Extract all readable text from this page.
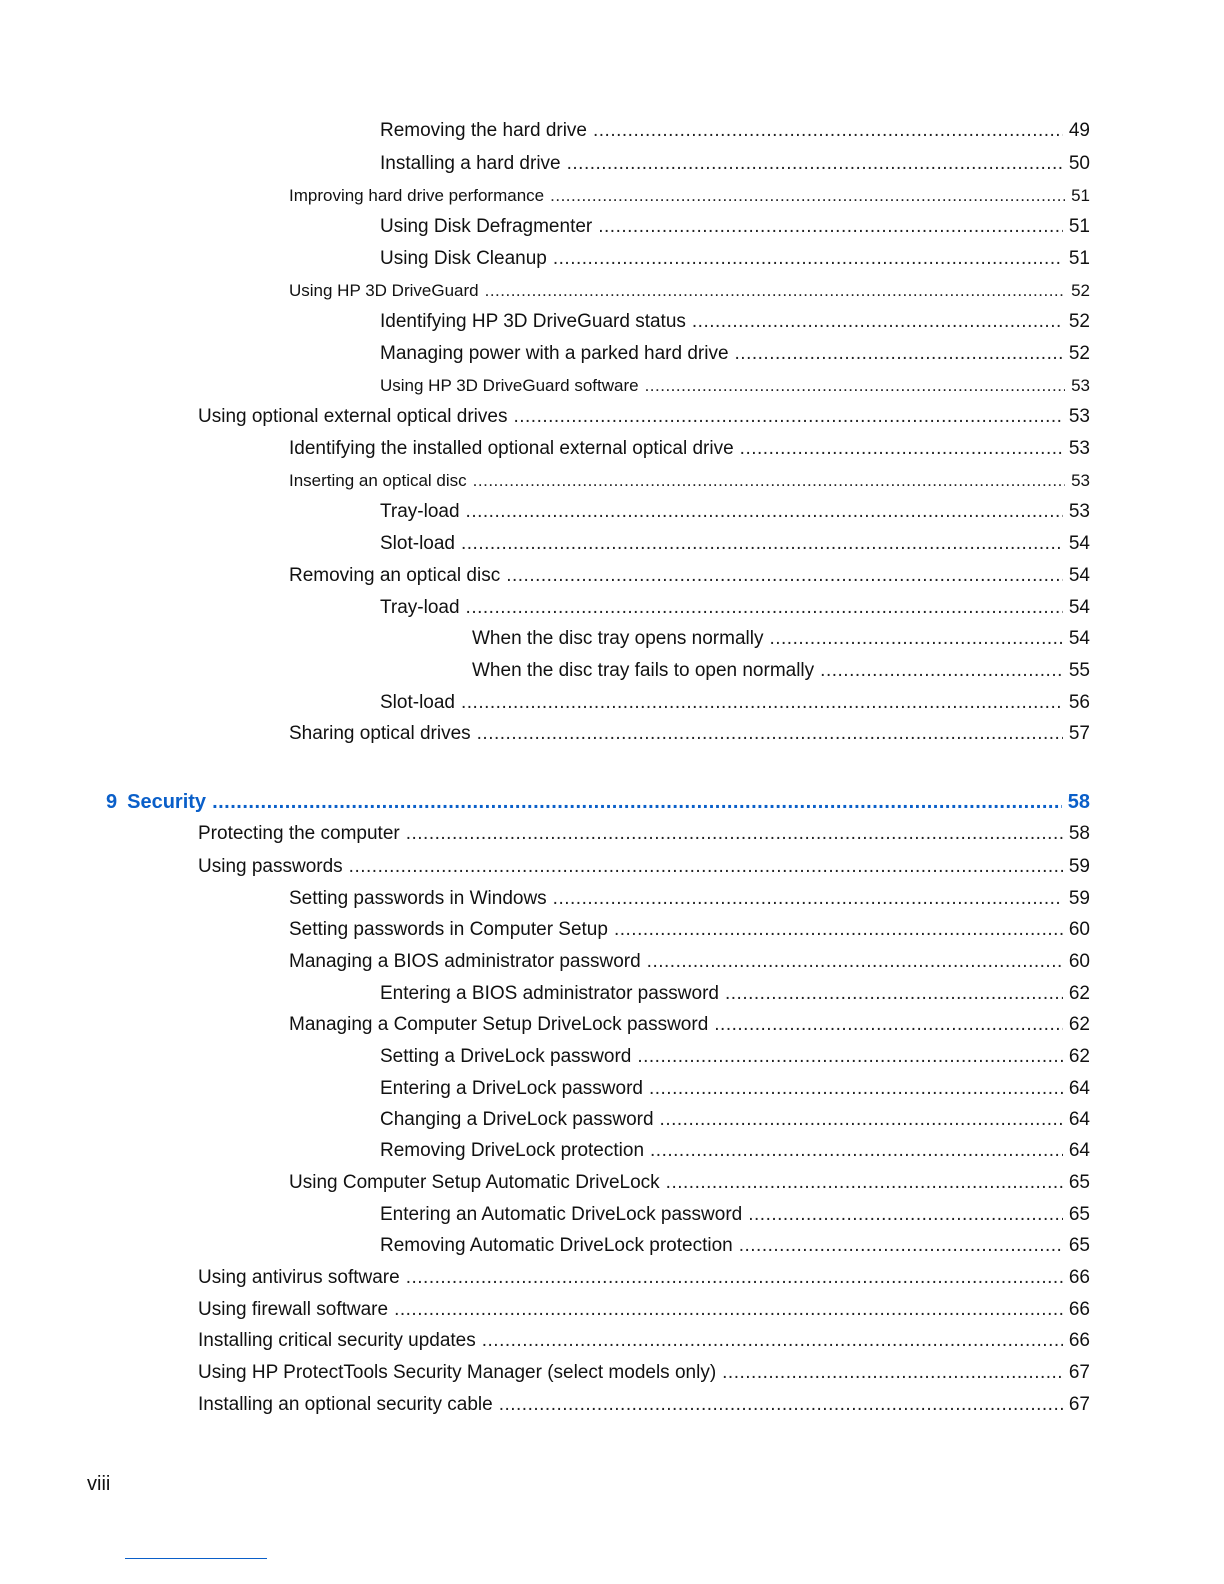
Removing the hard drive .....	49
Installing a hard drive .....	50
Improving hard drive performance .....	51
Using Disk Defragmenter .....	51
Using Disk Cleanup .....	51
Using HP 3D DriveGuard .....	52
Identifying HP 3D DriveGuard status .....	52
Managing power with a parked hard drive .....	52
Using HP 3D DriveGuard software .....	53
Using optional external optical drives .....	53
Identifying the installed optional external optical drive .....	53
Inserting an optical disc .....	53
Tray-load .....	53
Slot-load .....	54
Removing an optical disc .....	54
Tray-load .....	54
When the disc tray opens normally .....	54
When the disc tray fails to open normally .....	55
Slot-load .....	56
Sharing optical drives .....	57
9 Security .....	58
Protecting the computer .....	58
Using passwords .....	59
Setting passwords in Windows .....	59
Setting passwords in Computer Setup .....	60
Managing a BIOS administrator password .....	60
Entering a BIOS administrator password .....	62
Managing a Computer Setup DriveLock password .....	62
Setting a DriveLock password .....	62
Entering a DriveLock password .....	64
Changing a DriveLock password .....	64
Removing DriveLock protection .....	64
Using Computer Setup Automatic DriveLock .....	65
Entering an Automatic DriveLock password .....	65
Removing Automatic DriveLock protection .....	65
Using antivirus software .....	66
Using firewall software .....	66
Installing critical security updates .....	66
Using HP ProtectTools Security Manager (select models only) .....	67
Installing an optional security cable .....	67
viii
